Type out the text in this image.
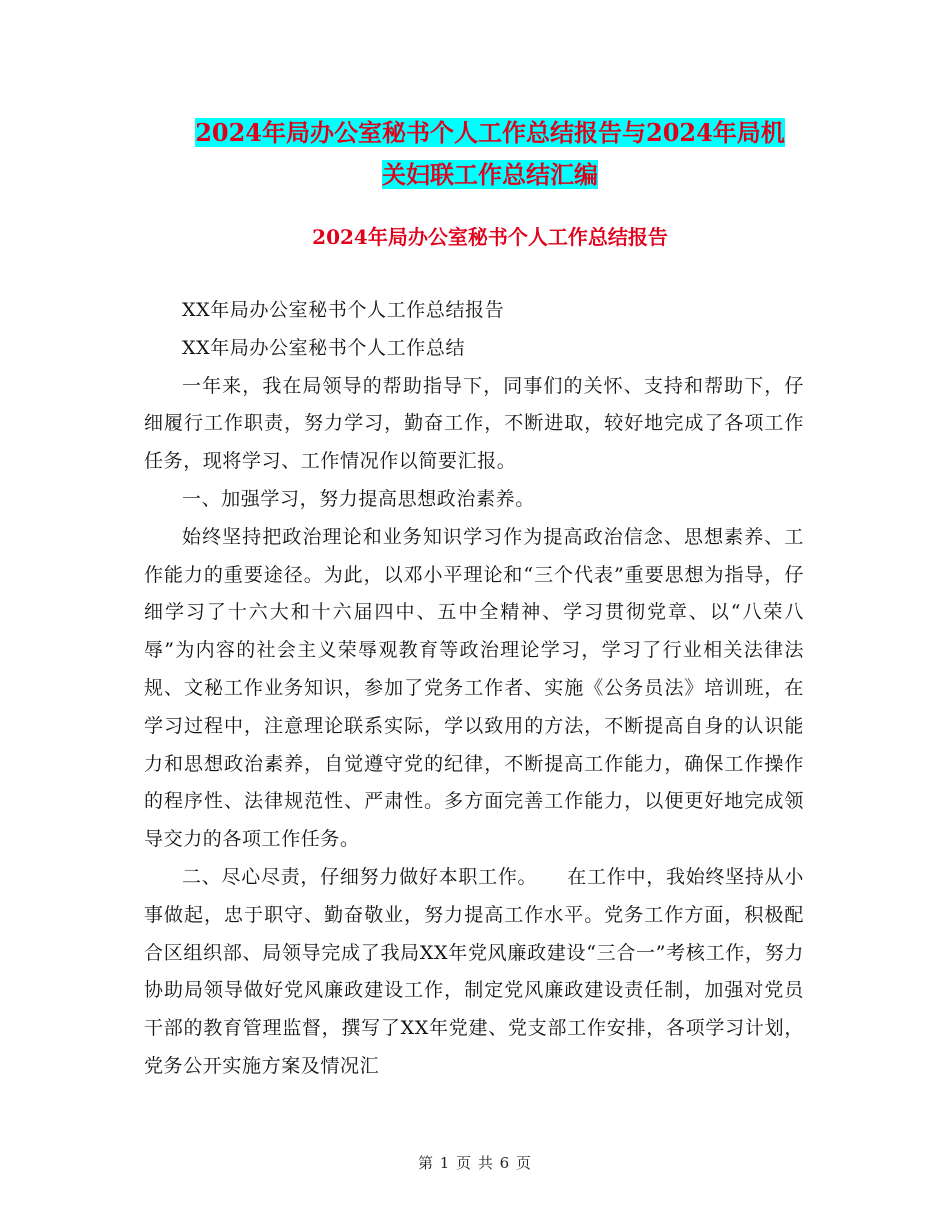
2024年局办公室秘书个人工作总结报告与2024年局机
关妇联工作总结汇编
2024年局办公室秘书个人工作总结报告

XX年局办公室秘书个人工作总结报告

XX年局办公室秘书个人工作总结

一年来，我在局领导的帮助指导下，同事们的关怀、支持和帮助下，仔细履行工作职责，努力学习，勤奋工作，不断进取，较好地完成了各项工作任务，现将学习、工作情况作以简要汇报。

一、加强学习，努力提高思想政治素养。

始终坚持把政治理论和业务知识学习作为提高政治信念、思想素养、工作能力的重要途径。为此，以邓小平理论和“三个代表”重要思想为指导，仔细学习了十六大和十六届四中、五中全精神、学习贯彻党章、以“八荣八辱”为内容的社会主义荣辱观教育等政治理论学习，学习了行业相关法律法规、文秘工作业务知识，参加了党务工作者、实施《公务员法》培训班，在学习过程中，注意理论联系实际，学以致用的方法，不断提高自身的认识能力和思想政治素养，自觉遵守党的纪律，不断提高工作能力，确保工作操作的程序性、法律规范性、严肃性。多方面完善工作能力，以便更好地完成领导交力的各项工作任务。

二、尽心尽责，仔细努力做好本职工作。　　在工作中，我始终坚持从小事做起，忠于职守、勤奋敬业，努力提高工作水平。党务工作方面，积极配合区组织部、局领导完成了我局XX年党风廉政建设“三合一”考核工作，努力协助局领导做好党风廉政建设工作，制定党风廉政建设责任制，加强对党员干部的教育管理监督，撰写了XX年党建、党支部工作安排，各项学习计划，党务公开实施方案及情况汇

第 1 页 共 6 页
